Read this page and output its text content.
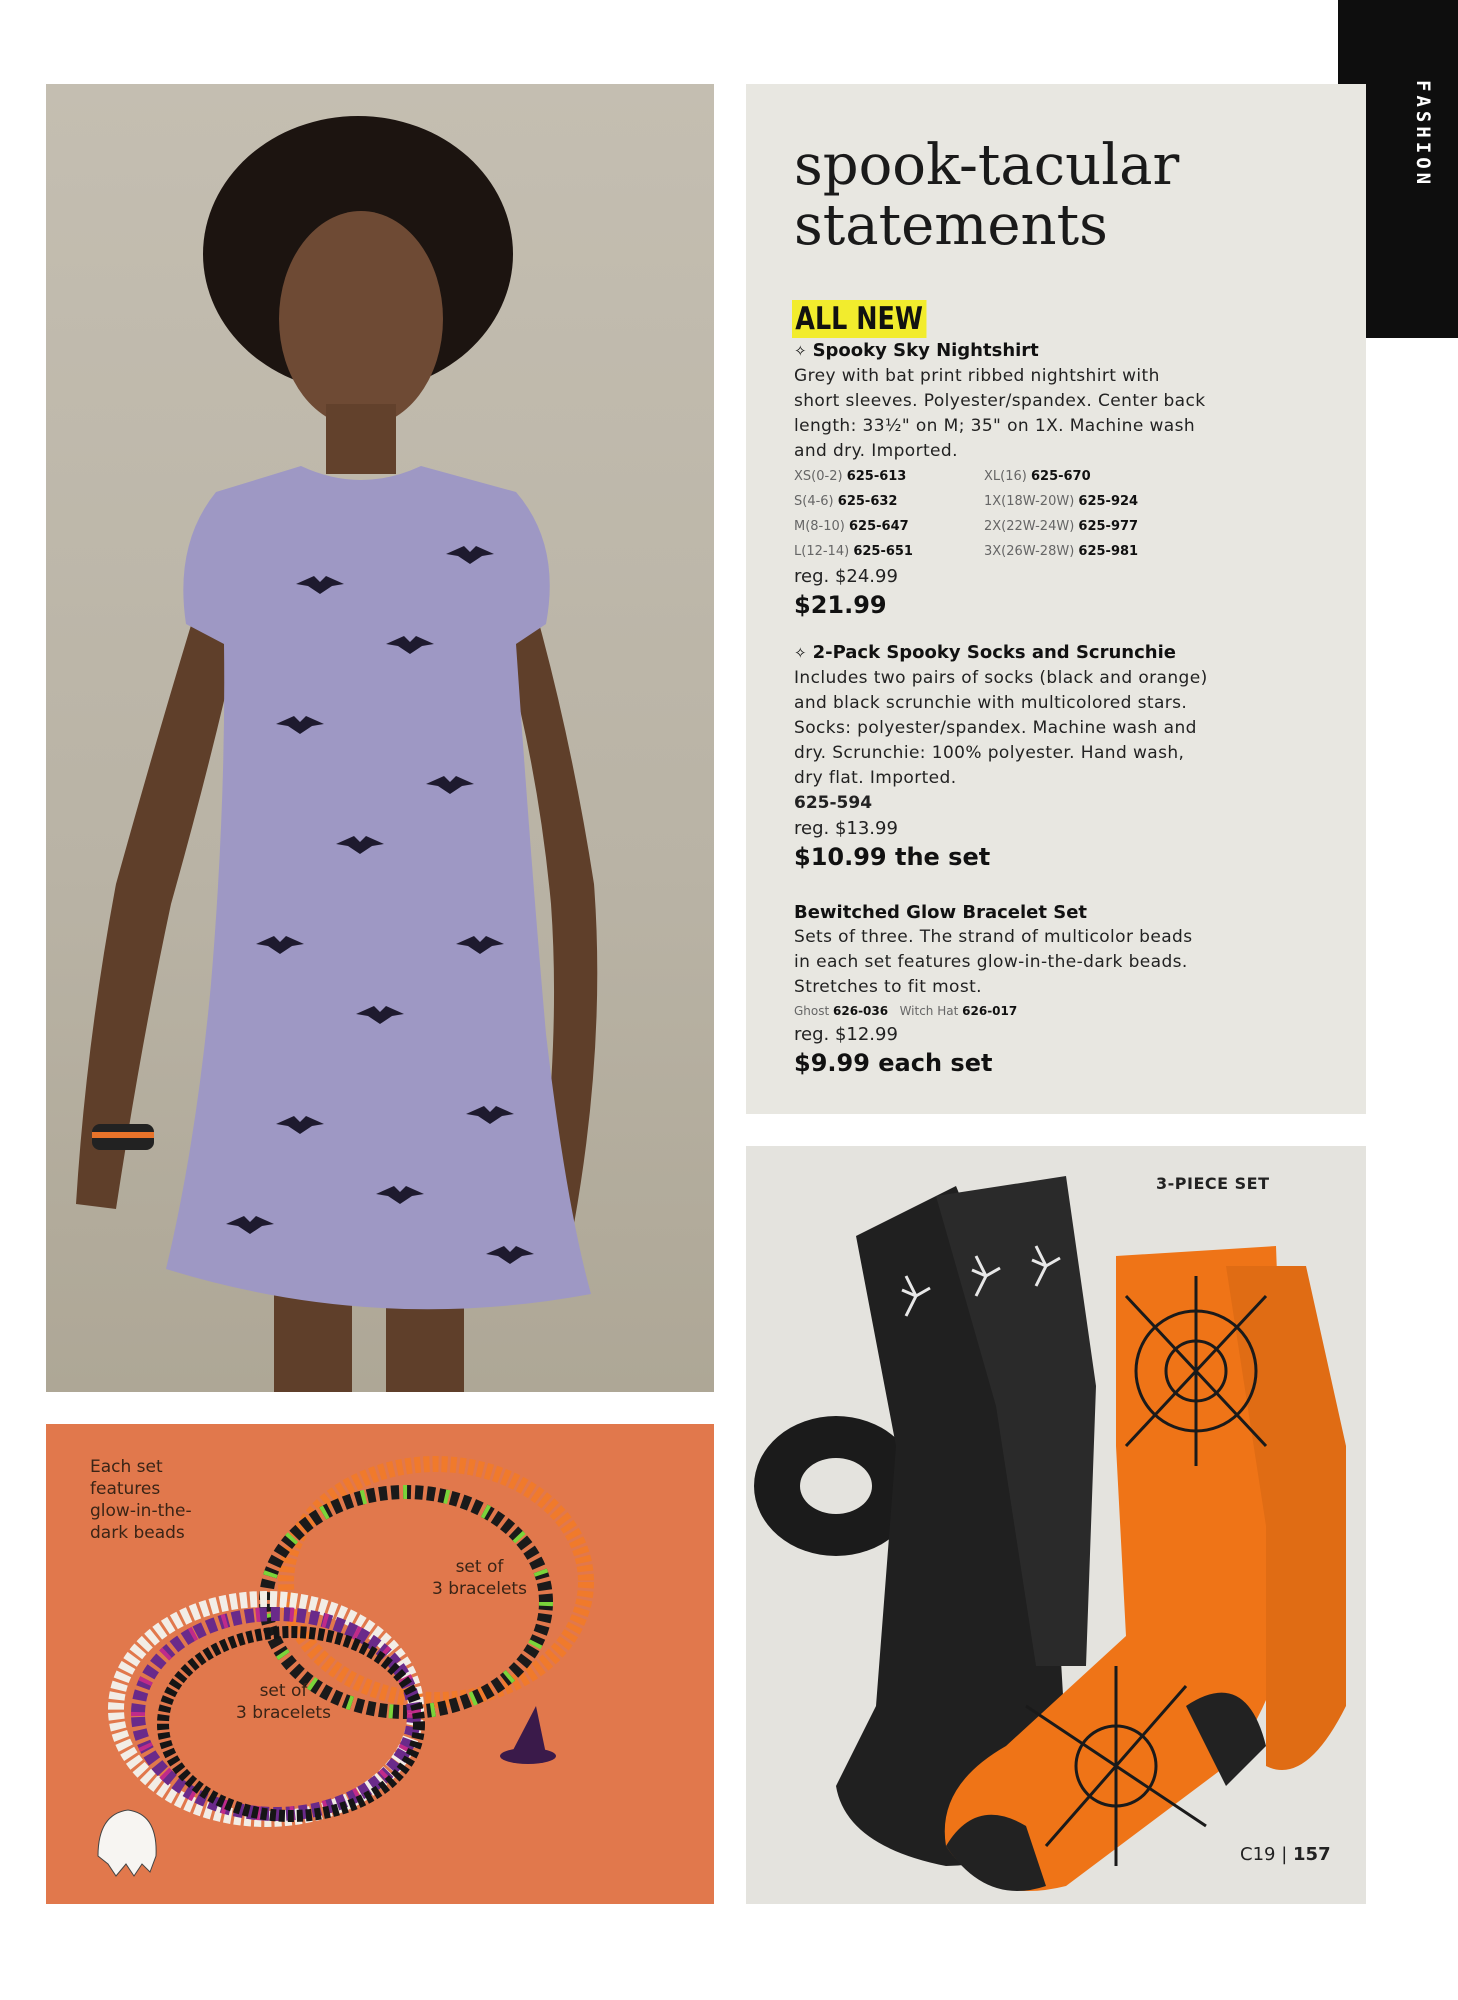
FASHION
spook-tacular
statements
ALL NEW
✧ Spooky Sky Nightshirt
Grey with bat print ribbed nightshirt with
short sleeves. Polyester/spandex. Center back
length: 33½" on M; 35" on 1X. Machine wash
and dry. Imported.
XS(0-2) 625-613	XL(16) 625-670
S(4-6) 625-632	1X(18W-20W) 625-924
M(8-10) 625-647	2X(22W-24W) 625-977
L(12-14) 625-651	3X(26W-28W) 625-981
reg. $24.99
$21.99
✧ 2-Pack Spooky Socks and Scrunchie
Includes two pairs of socks (black and orange)
and black scrunchie with multicolored stars.
Socks: polyester/spandex. Machine wash and
dry. Scrunchie: 100% polyester. Hand wash,
dry flat. Imported.
625-594
reg. $13.99
$10.99 the set
Bewitched Glow Bracelet Set
Sets of three. The strand of multicolor beads
in each set features glow-in-the-dark beads.
Stretches to fit most.
Ghost 626-036 Witch Hat 626-017
reg. $12.99
$9.99 each set
Each set
features
glow-in-the-
dark beads
set of
3 bracelets
set of
3 bracelets
3-PIECE SET
C19 | 157
